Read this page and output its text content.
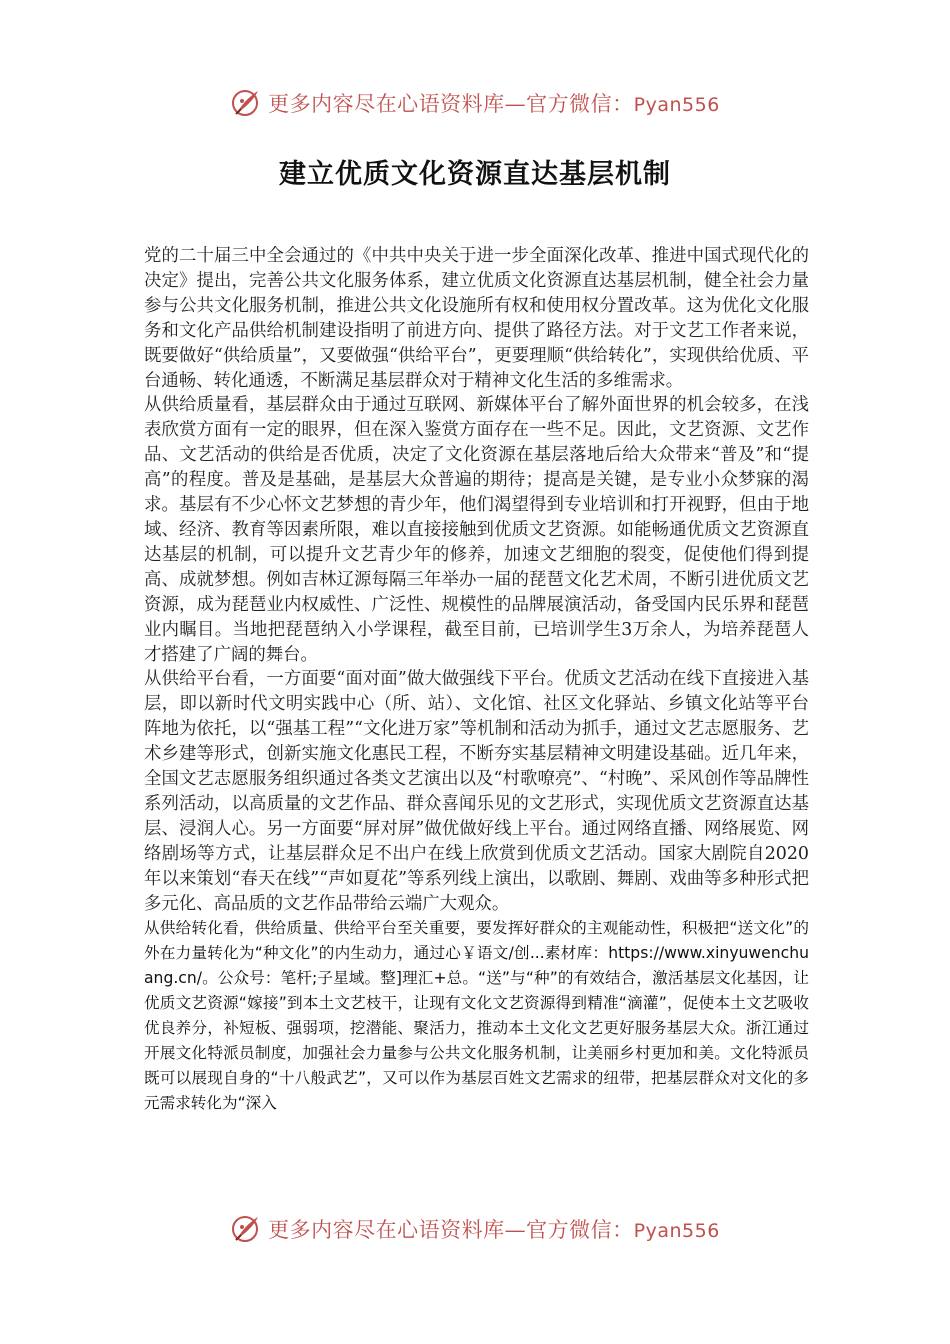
更多内容尽在心语资料库—官方微信：Pyan556
建立优质文化资源直达基层机制

党的二十届三中全会通过的《中共中央关于进一步全面深化改革、推进中国式现代化的决定》提出，完善公共文化服务体系，建立优质文化资源直达基层机制，健全社会力量参与公共文化服务机制，推进公共文化设施所有权和使用权分置改革。这为优化文化服务和文化产品供给机制建设指明了前进方向、提供了路径方法。对于文艺工作者来说，既要做好“供给质量”，又要做强“供给平台”，更要理顺“供给转化”，实现供给优质、平台通畅、转化通透，不断满足基层群众对于精神文化生活的多维需求。

从供给质量看，基层群众由于通过互联网、新媒体平台了解外面世界的机会较多，在浅表欣赏方面有一定的眼界，但在深入鉴赏方面存在一些不足。因此，文艺资源、文艺作品、文艺活动的供给是否优质，决定了文化资源在基层落地后给大众带来“普及”和“提高”的程度。普及是基础，是基层大众普遍的期待；提高是关键，是专业小众梦寐的渴求。基层有不少心怀文艺梦想的青少年，他们渴望得到专业培训和打开视野，但由于地域、经济、教育等因素所限，难以直接接触到优质文艺资源。如能畅通优质文艺资源直达基层的机制，可以提升文艺青少年的修养，加速文艺细胞的裂变，促使他们得到提高、成就梦想。例如吉林辽源每隔三年举办一届的琵琶文化艺术周，不断引进优质文艺资源，成为琵琶业内权威性、广泛性、规模性的品牌展演活动，备受国内民乐界和琵琶业内瞩目。当地把琵琶纳入小学课程，截至目前，已培训学生3万余人，为培养琵琶人才搭建了广阔的舞台。

从供给平台看，一方面要“面对面”做大做强线下平台。优质文艺活动在线下直接进入基层，即以新时代文明实践中心（所、站）、文化馆、社区文化驿站、乡镇文化站等平台阵地为依托，以“强基工程”“文化进万家”等机制和活动为抓手，通过文艺志愿服务、艺术乡建等形式，创新实施文化惠民工程，不断夯实基层精神文明建设基础。近几年来，全国文艺志愿服务组织通过各类文艺演出以及“村歌嘹亮”、“村晚”、采风创作等品牌性系列活动，以高质量的文艺作品、群众喜闻乐见的文艺形式，实现优质文艺资源直达基层、浸润人心。另一方面要“屏对屏”做优做好线上平台。通过网络直播、网络展览、网络剧场等方式，让基层群众足不出户在线上欣赏到优质文艺活动。国家大剧院自2020年以来策划“春天在线”“声如夏花”等系列线上演出，以歌剧、舞剧、戏曲等多种形式把多元化、高品质的文艺作品带给云端广大观众。

从供给转化看，供给质量、供给平台至关重要，要发挥好群众的主观能动性，积极把“送文化”的外在力量转化为“种文化”的内生动力，通过心￥语文/创...素材库：https://www.xinyuwenchuang.cn/。公众号：笔杆;子星域。整]理汇+总。“送”与“种”的有效结合，激活基层文化基因，让优质文艺资源“嫁接”到本土文艺枝干，让现有文化文艺资源得到精准“滴灌”，促使本土文艺吸收优良养分，补短板、强弱项，挖潜能、聚活力，推动本土文化文艺更好服务基层大众。浙江通过开展文化特派员制度，加强社会力量参与公共文化服务机制，让美丽乡村更加和美。文化特派员既可以展现自身的“十八般武艺”，又可以作为基层百姓文艺需求的纽带，把基层群众对文化的多元需求转化为“深入

更多内容尽在心语资料库—官方微信：Pyan556
